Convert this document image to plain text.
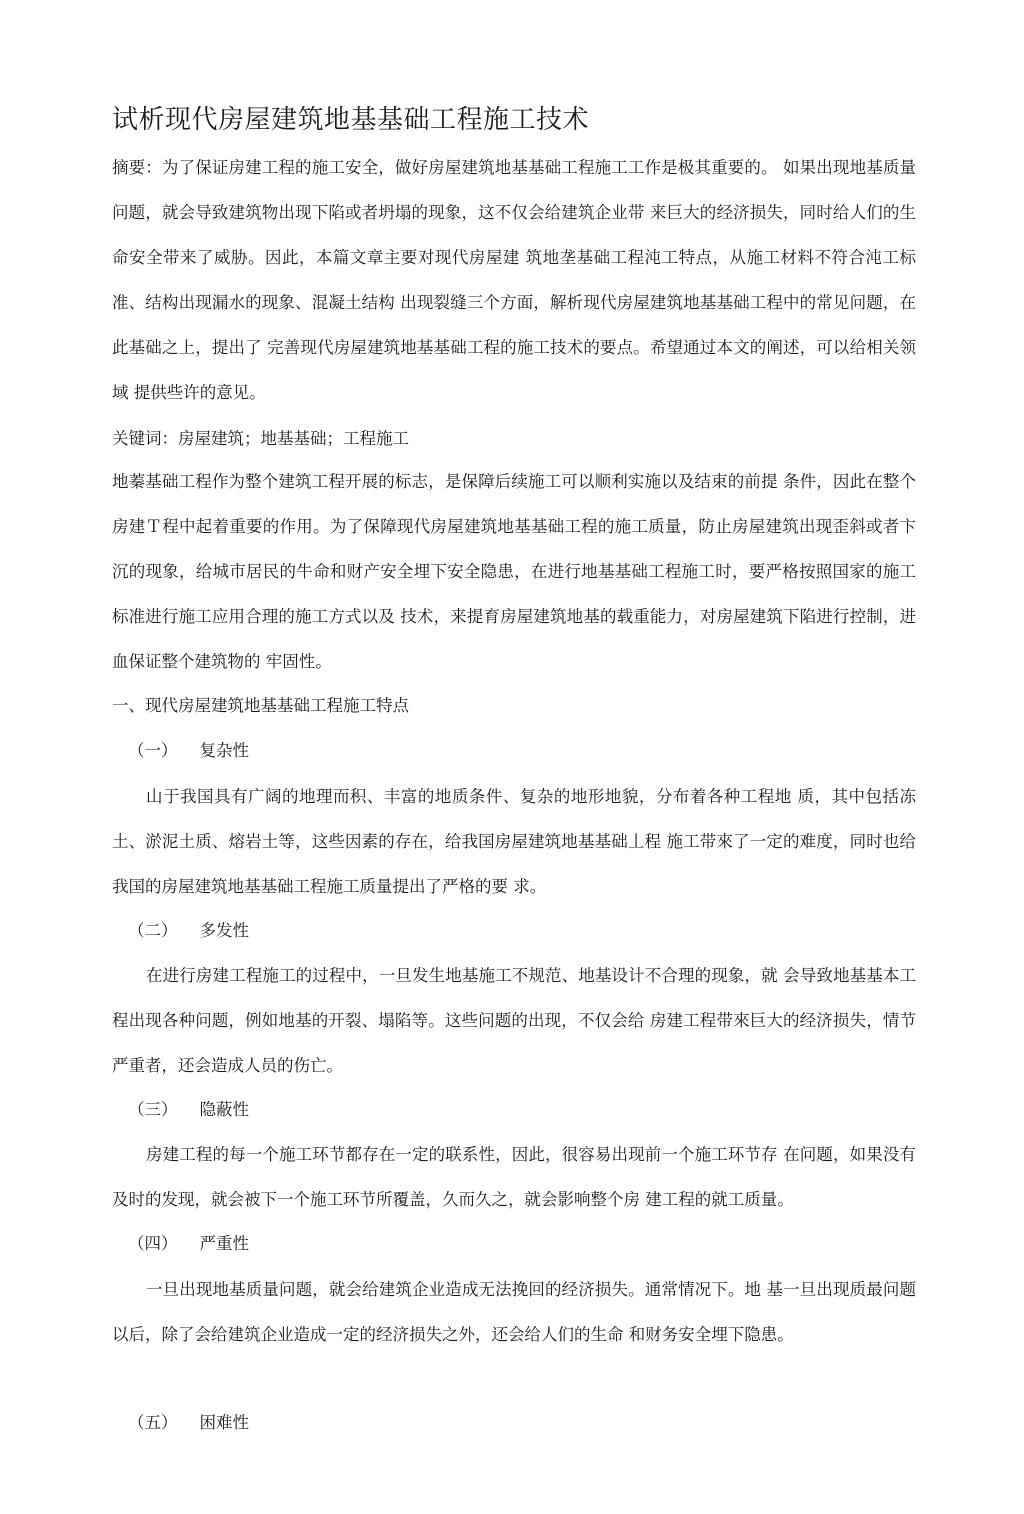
试析现代房屋建筑地基基础工程施工技术

摘要：为了保证房建工程的施工安全，做好房屋建筑地基基础工程施工工作是极其重要的。 如果出现地基质量问题，就会导致建筑物出现下陷或者坍塌的现象，这不仅会给建筑企业带 来巨大的经济损失，同时给人们的生命安全带来了威胁。因此，本篇文章主要对现代房屋建 筑地垄基础工程沌工特点，从施工材料不符合沌工标准、结构出现漏水的现象、混凝土结构 出现裂缝三个方面，解析现代房屋建筑地基基础工程中的常见问题，在此基础之上，提出了 完善现代房屋建筑地基基础工程的施工技术的要点。希望通过本文的阐述，可以给相关领域 提供些许的意见。

关键词：房屋建筑；地基基础；工程施工

地蓁基础工程作为整个建筑工程开展的标志，是保障后续施工可以顺利实施以及结束的前提 条件，因此在整个房建Ｔ程中起着重要的作用。为了保障现代房屋建筑地基基础工程的施工质量，防止房屋建筑出现歪斜或者卞沉的现象，给城市居民的牛命和财产安全埋下安全隐患，在进行地基基础工程施工时，要严格按照国家的施工标准进行施工应用合理的施工方式以及 技术，来提育房屋建筑地基的载重能力，对房屋建筑下陷进行控制，进血保证整个建筑物的 牢固性。

一、现代房屋建筑地基基础工程施工特点
（一） 复杂性

山于我国具有广阔的地理而积、丰富的地质条件、复杂的地形地貌，分布着各种工程地 质，其中包括冻土、淤泥土质、熔岩土等，这些因素的存在，给我国房屋建筑地基基础丄程 施工带來了一定的难度，同时也给我国的房屋建筑地基基础工程施工质量提出了严格的要 求。

（二） 多发性

在进行房建工程施工的过程中，一旦发生地基施工不规范、地基设计不合理的现象，就 会导致地基基本工程出现各种问题，例如地基的开裂、塌陷等。这些问题的出现，不仅会给 房建工程带來巨大的经济损失，情节严重者，还会造成人员的伤亡。

（三） 隐蔽性

房建工程的每一个施工环节都存在一定的联系性，因此，很容易出现前一个施工环节存 在问题，如果没有及时的发现，就会被下一个施工环节所覆盖，久而久之，就会影响整个房 建工程的就工质量。

（四） 严重性

一旦出现地基质量问题，就会给建筑企业造成无法挽回的经济损失。通常情况下。地 基一旦出现质最问题以后，除了会给建筑企业造成一定的经济损失之外，还会给人们的生命 和财务安全埋下隐患。

（五） 困难性
